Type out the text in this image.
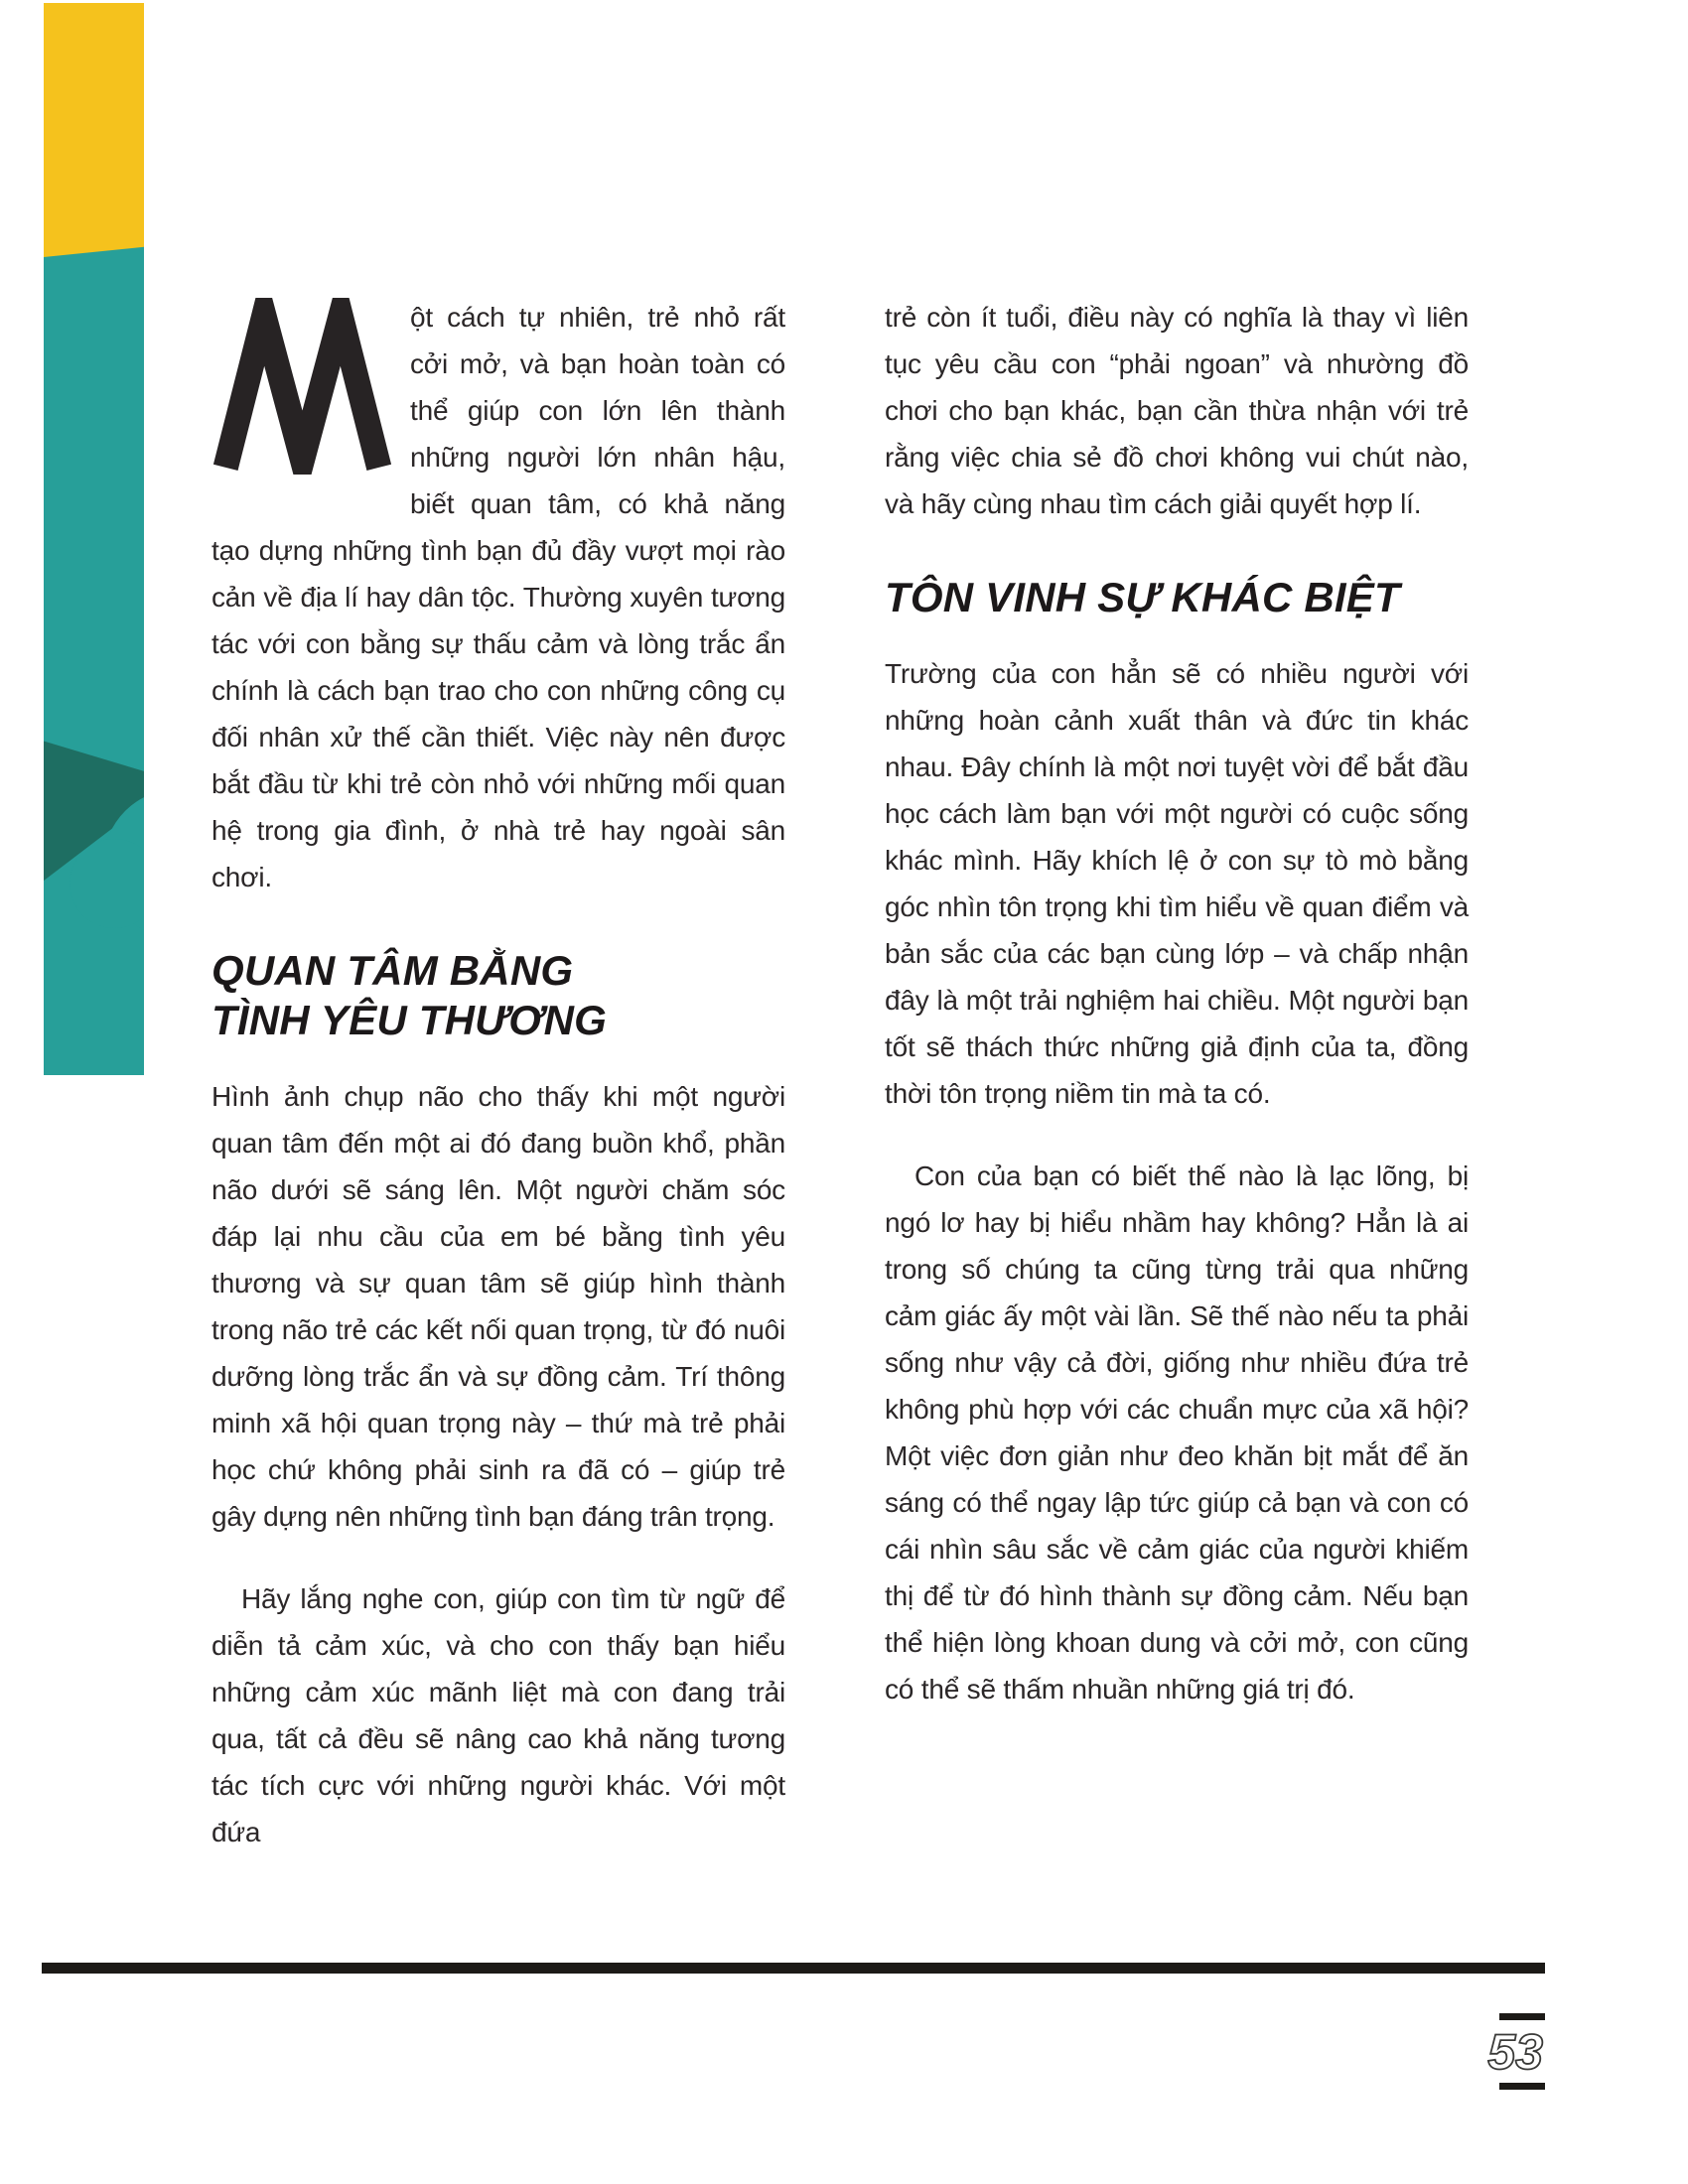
ột cách tự nhiên, trẻ nhỏ rất cởi mở, và bạn hoàn toàn có thể giúp con lớn lên thành những người lớn nhân hậu, biết quan tâm, có khả năng tạo dựng những tình bạn đủ đầy vượt mọi rào cản về địa lí hay dân tộc. Thường xuyên tương tác với con bằng sự thấu cảm và lòng trắc ẩn chính là cách bạn trao cho con những công cụ đối nhân xử thế cần thiết. Việc này nên được bắt đầu từ khi trẻ còn nhỏ với những mối quan hệ trong gia đình, ở nhà trẻ hay ngoài sân chơi.
QUAN TÂM BẰNG
TÌNH YÊU THƯƠNG
Hình ảnh chụp não cho thấy khi một người quan tâm đến một ai đó đang buồn khổ, phần não dưới sẽ sáng lên. Một người chăm sóc đáp lại nhu cầu của em bé bằng tình yêu thương và sự quan tâm sẽ giúp hình thành trong não trẻ các kết nối quan trọng, từ đó nuôi dưỡng lòng trắc ẩn và sự đồng cảm. Trí thông minh xã hội quan trọng này – thứ mà trẻ phải học chứ không phải sinh ra đã có – giúp trẻ gây dựng nên những tình bạn đáng trân trọng.
Hãy lắng nghe con, giúp con tìm từ ngữ để diễn tả cảm xúc, và cho con thấy bạn hiểu những cảm xúc mãnh liệt mà con đang trải qua, tất cả đều sẽ nâng cao khả năng tương tác tích cực với những người khác. Với một đứa
trẻ còn ít tuổi, điều này có nghĩa là thay vì liên tục yêu cầu con “phải ngoan” và nhường đồ chơi cho bạn khác, bạn cần thừa nhận với trẻ rằng việc chia sẻ đồ chơi không vui chút nào, và hãy cùng nhau tìm cách giải quyết hợp lí.
TÔN VINH SỰ KHÁC BIỆT
Trường của con hẳn sẽ có nhiều người với những hoàn cảnh xuất thân và đức tin khác nhau. Đây chính là một nơi tuyệt vời để bắt đầu học cách làm bạn với một người có cuộc sống khác mình. Hãy khích lệ ở con sự tò mò bằng góc nhìn tôn trọng khi tìm hiểu về quan điểm và bản sắc của các bạn cùng lớp – và chấp nhận đây là một trải nghiệm hai chiều. Một người bạn tốt sẽ thách thức những giả định của ta, đồng thời tôn trọng niềm tin mà ta có.
Con của bạn có biết thế nào là lạc lõng, bị ngó lơ hay bị hiểu nhầm hay không? Hẳn là ai trong số chúng ta cũng từng trải qua những cảm giác ấy một vài lần. Sẽ thế nào nếu ta phải sống như vậy cả đời, giống như nhiều đứa trẻ không phù hợp với các chuẩn mực của xã hội? Một việc đơn giản như đeo khăn bịt mắt để ăn sáng có thể ngay lập tức giúp cả bạn và con có cái nhìn sâu sắc về cảm giác của người khiếm thị để từ đó hình thành sự đồng cảm. Nếu bạn thể hiện lòng khoan dung và cởi mở, con cũng có thể sẽ thấm nhuần những giá trị đó.
53
